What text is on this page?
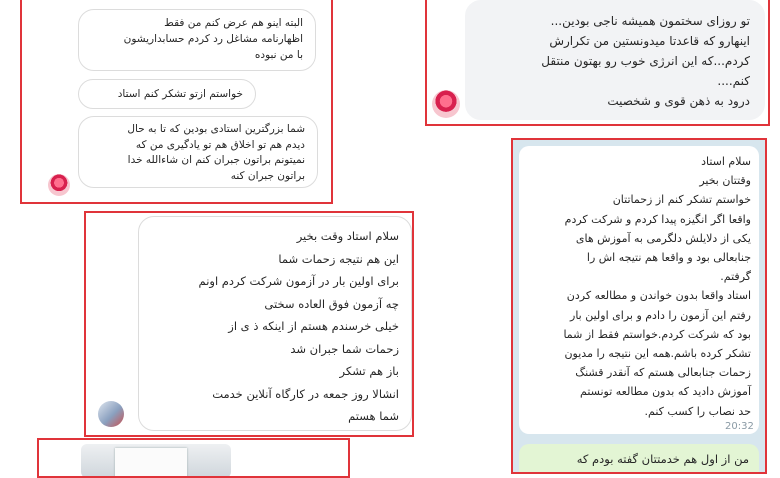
البته اینو هم عرض کنم من فقط
اظهارنامه مشاغل رد کردم حسابداریشون
با من نبوده
خواستم ازتو تشکر کنم استاد
شما بزرگترین استادی بودین که تا به حال
دیدم هم تو اخلاق هم تو یادگیری من که
نمیتونم براتون جبران کنم ان شاءالله خدا
براتون جبران کنه
تو روزای سختمون همیشه ناجی بودین...
اینهارو که قاعدتا میدونستین من تکرارش
کردم...که این انرژی خوب رو بهتون منتقل
کنم....
درود به ذهن قوی و شخصیت
سلام استاد وقت بخیر
این هم نتیجه زحمات شما
برای اولین بار در آزمون شرکت کردم اونم
چه آزمون فوق العاده سختی
خیلی خرسندم هستم از اینکه ذ ی از
زحمات شما جبران شد
باز هم تشکر
انشالا روز جمعه در کارگاه آنلاین خدمت
شما هستم
سلام استاد
وقتتان بخیر
خواستم تشکر کنم از زحماتتان
واقعا اگر انگیزه پیدا کردم و شرکت کردم
یکی از دلایلش دلگرمی به آموزش های
جنابعالی بود و واقعا هم نتیجه اش را
گرفتم.
استاد واقعا بدون خواندن و مطالعه کردن
رفتم این آزمون را دادم و برای اولین بار
بود که شرکت کردم.خواستم فقط از شما
تشکر کرده باشم.همه این نتیجه را مدیون
زحمات جنابعالی هستم که آنقدر قشنگ
آموزش دادید که بدون مطالعه تونستم
حد نصاب را کسب کنم.
20:32
من از اول هم خدمتتان گفته بودم که
